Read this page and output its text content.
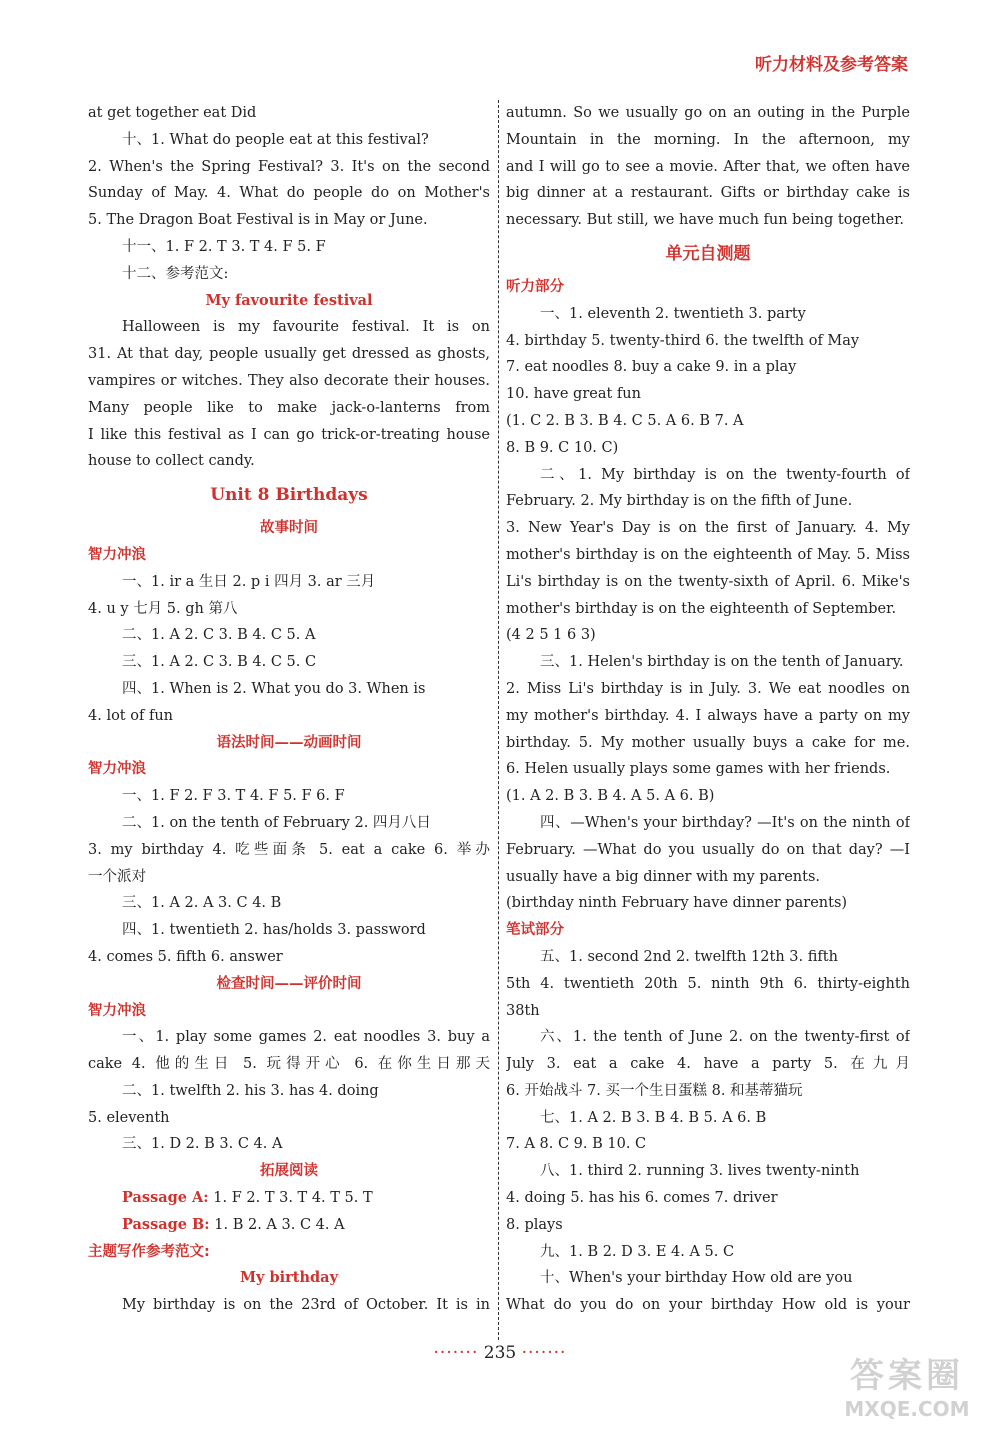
听力材料及参考答案
at get together eat Did
十、1. What do people eat at this festival?
2. When's the Spring Festival? 3. It's on the second
Sunday of May. 4. What do people do on Mother's
5. The Dragon Boat Festival is in May or June.
十一、1. F 2. T 3. T 4. F 5. F
十二、参考范文:
My favourite festival
Halloween is my favourite festival. It is on
31. At that day, people usually get dressed as ghosts,
vampires or witches. They also decorate their houses.
Many people like to make jack-o-lanterns from
I like this festival as I can go trick-or-treating house
house to collect candy.
Unit 8 Birthdays
故事时间
智力冲浪
一、1. ir a 生日 2. p i 四月 3. ar 三月
4. u y 七月 5. gh 第八
二、1. A 2. C 3. B 4. C 5. A
三、1. A 2. C 3. B 4. C 5. C
四、1. When is 2. What you do 3. When is
4. lot of fun
语法时间——动画时间
智力冲浪
一、1. F 2. F 3. T 4. F 5. F 6. F
二、1. on the tenth of February 2. 四月八日
3. my birthday 4. 吃些面条 5. eat a cake 6. 举办
一个派对
三、1. A 2. A 3. C 4. B
四、1. twentieth 2. has/holds 3. password
4. comes 5. fifth 6. answer
检查时间——评价时间
智力冲浪
一、1. play some games 2. eat noodles 3. buy a
cake 4. 他的生日 5. 玩得开心 6. 在你生日那天
二、1. twelfth 2. his 3. has 4. doing
5. eleventh
三、1. D 2. B 3. C 4. A
拓展阅读
Passage A: 1. F 2. T 3. T 4. T 5. T
Passage B: 1. B 2. A 3. C 4. A
主题写作参考范文:
My birthday
My birthday is on the 23rd of October. It is in
autumn. So we usually go on an outing in the Purple
Mountain in the morning. In the afternoon, my
and I will go to see a movie. After that, we often have
big dinner at a restaurant. Gifts or birthday cake is
necessary. But still, we have much fun being together.
单元自测题
听力部分
一、1. eleventh 2. twentieth 3. party
4. birthday 5. twenty-third 6. the twelfth of May
7. eat noodles 8. buy a cake 9. in a play
10. have great fun
(1. C 2. B 3. B 4. C 5. A 6. B 7. A
8. B 9. C 10. C)
二、1. My birthday is on the twenty-fourth of
February. 2. My birthday is on the fifth of June.
3. New Year's Day is on the first of January. 4. My
mother's birthday is on the eighteenth of May. 5. Miss
Li's birthday is on the twenty-sixth of April. 6. Mike's
mother's birthday is on the eighteenth of September.
(4 2 5 1 6 3)
三、1. Helen's birthday is on the tenth of January.
2. Miss Li's birthday is in July. 3. We eat noodles on
my mother's birthday. 4. I always have a party on my
birthday. 5. My mother usually buys a cake for me.
6. Helen usually plays some games with her friends.
(1. A 2. B 3. B 4. A 5. A 6. B)
四、—When's your birthday? —It's on the ninth of
February. —What do you usually do on that day? —I
usually have a big dinner with my parents.
(birthday ninth February have dinner parents)
笔试部分
五、1. second 2nd 2. twelfth 12th 3. fifth
5th 4. twentieth 20th 5. ninth 9th 6. thirty-eighth
38th
六、1. the tenth of June 2. on the twenty-first of
July 3. eat a cake 4. have a party 5. 在九月
6. 开始战斗 7. 买一个生日蛋糕 8. 和基蒂猫玩
七、1. A 2. B 3. B 4. B 5. A 6. B
7. A 8. C 9. B 10. C
八、1. third 2. running 3. lives twenty-ninth
4. doing 5. has his 6. comes 7. driver
8. plays
九、1. B 2. D 3. E 4. A 5. C
十、When's your birthday How old are you
What do you do on your birthday How old is your
······· 235 ·······
答案圈
MXQE.COM
